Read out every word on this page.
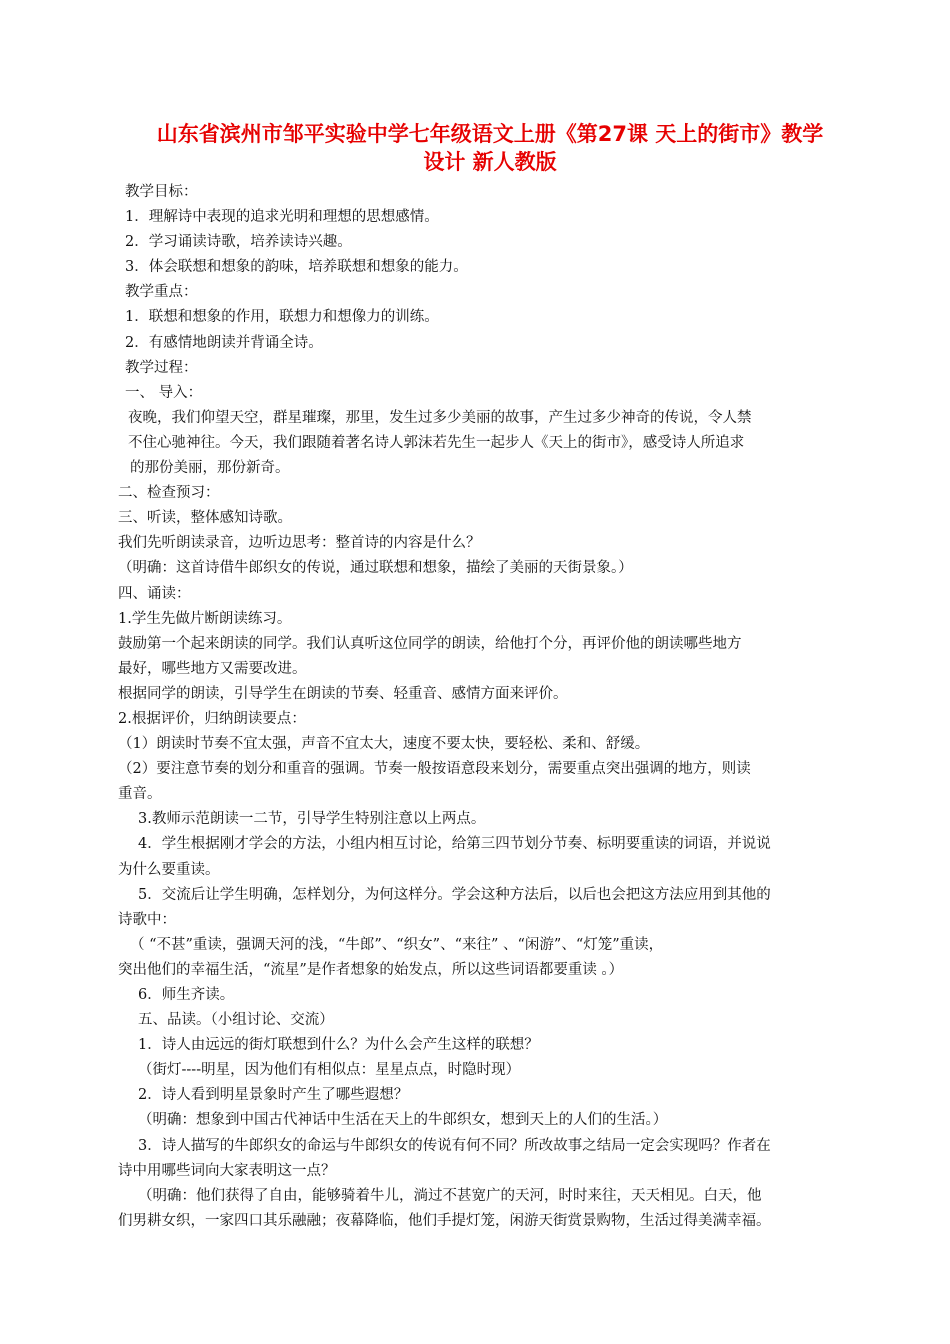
山东省滨州市邹平实验中学七年级语文上册《第27课 天上的街市》教学
设计 新人教版

教学目标：

1．理解诗中表现的追求光明和理想的思想感情。

2．学习诵读诗歌，培养读诗兴趣。

3．体会联想和想象的韵味，培养联想和想象的能力。

教学重点：

1．联想和想象的作用，联想力和想像力的训练。

2．有感情地朗读并背诵全诗。

教学过程：

一、 导入：

夜晚，我们仰望天空，群星璀璨，那里，发生过多少美丽的故事，产生过多少神奇的传说，令人禁

不住心驰神往。今天，我们跟随着著名诗人郭沫若先生一起步人《天上的街市》，感受诗人所追求

的那份美丽，那份新奇。

二、检查预习：

三、听读，整体感知诗歌。

我们先听朗读录音，边听边思考：整首诗的内容是什么？

（明确：这首诗借牛郎织女的传说，通过联想和想象，描绘了美丽的天街景象。）

四、诵读：

1.学生先做片断朗读练习。

鼓励第一个起来朗读的同学。我们认真听这位同学的朗读，给他打个分，再评价他的朗读哪些地方

最好，哪些地方又需要改进。

根据同学的朗读，引导学生在朗读的节奏、轻重音、感情方面来评价。

2.根据评价，归纳朗读要点：

（1）朗读时节奏不宜太强，声音不宜太大，速度不要太快，要轻松、柔和、舒缓。

（2）要注意节奏的划分和重音的强调。节奏一般按语意段来划分，需要重点突出强调的地方，则读

重音。

3.教师示范朗读一二节，引导学生特别注意以上两点。

4．学生根据刚才学会的方法，小组内相互讨论，给第三四节划分节奏、标明要重读的词语，并说说

为什么要重读。

5．交流后让学生明确，怎样划分，为何这样分。学会这种方法后，以后也会把这方法应用到其他的

诗歌中：

（ “不甚”重读，强调天河的浅，“牛郎”、“织女”、“来往” 、“闲游”、“灯笼”重读，

突出他们的幸福生活，“流星”是作者想象的始发点，所以这些词语都要重读 。）

6．师生齐读。

五、品读。（小组讨论、交流）

1．诗人由远远的街灯联想到什么？为什么会产生这样的联想？

（街灯----明星，因为他们有相似点：星星点点，时隐时现）

2．诗人看到明星景象时产生了哪些遐想？

（明确：想象到中国古代神话中生活在天上的牛郎织女，想到天上的人们的生活。）

3．诗人描写的牛郎织女的命运与牛郎织女的传说有何不同？所改故事之结局一定会实现吗？作者在

诗中用哪些词向大家表明这一点？

（明确：他们获得了自由，能够骑着牛儿，淌过不甚宽广的天河，时时来往，天天相见。白天，他

们男耕女织，一家四口其乐融融；夜幕降临，他们手提灯笼，闲游天街赏景购物，生活过得美满幸福。
